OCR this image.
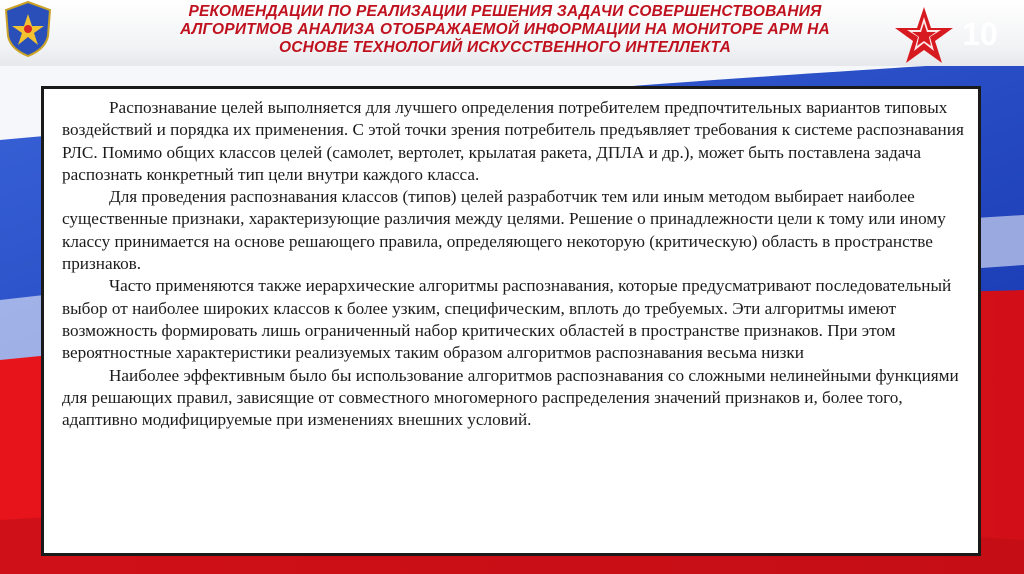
РЕКОМЕНДАЦИИ ПО РЕАЛИЗАЦИИ РЕШЕНИЯ ЗАДАЧИ СОВЕРШЕНСТВОВАНИЯ
АЛГОРИТМОВ АНАЛИЗА ОТОБРАЖАЕМОЙ ИНФОРМАЦИИ НА МОНИТОРЕ АРМ НА
ОСНОВЕ ТЕХНОЛОГИЙ ИСКУССТВЕННОГО ИНТЕЛЛЕКТА	10

Распознавание целей выполняется для лучшего определения потребителем предпочтительных вариантов типовых воздействий и порядка их применения. С этой точки зрения потребитель предъявляет требования к системе распознавания РЛС. Помимо общих классов целей (самолет, вертолет, крылатая ракета, ДПЛА и др.), может быть поставлена задача распознать конкретный тип цели внутри каждого класса.

Для проведения распознавания классов (типов) целей разработчик тем или иным методом выбирает наиболее существенные признаки, характеризующие различия между целями. Решение о принадлежности цели к тому или иному классу принимается на основе решающего правила, определяющего некоторую (критическую) область в пространстве признаков.

Часто применяются также иерархические алгоритмы распознавания, которые предусматривают последовательный выбор от наиболее широких классов к более узким, специфическим, вплоть до требуемых. Эти алгоритмы имеют возможность формировать лишь ограниченный набор критических областей в пространстве признаков. При этом вероятностные характеристики реализуемых таким образом алгоритмов распознавания весьма низки

Наиболее эффективным было бы использование алгоритмов распознавания со сложными нелинейными функциями для решающих правил, зависящие от совместного многомерного распределения значений признаков и, более того, адаптивно модифицируемые при изменениях внешних условий.
